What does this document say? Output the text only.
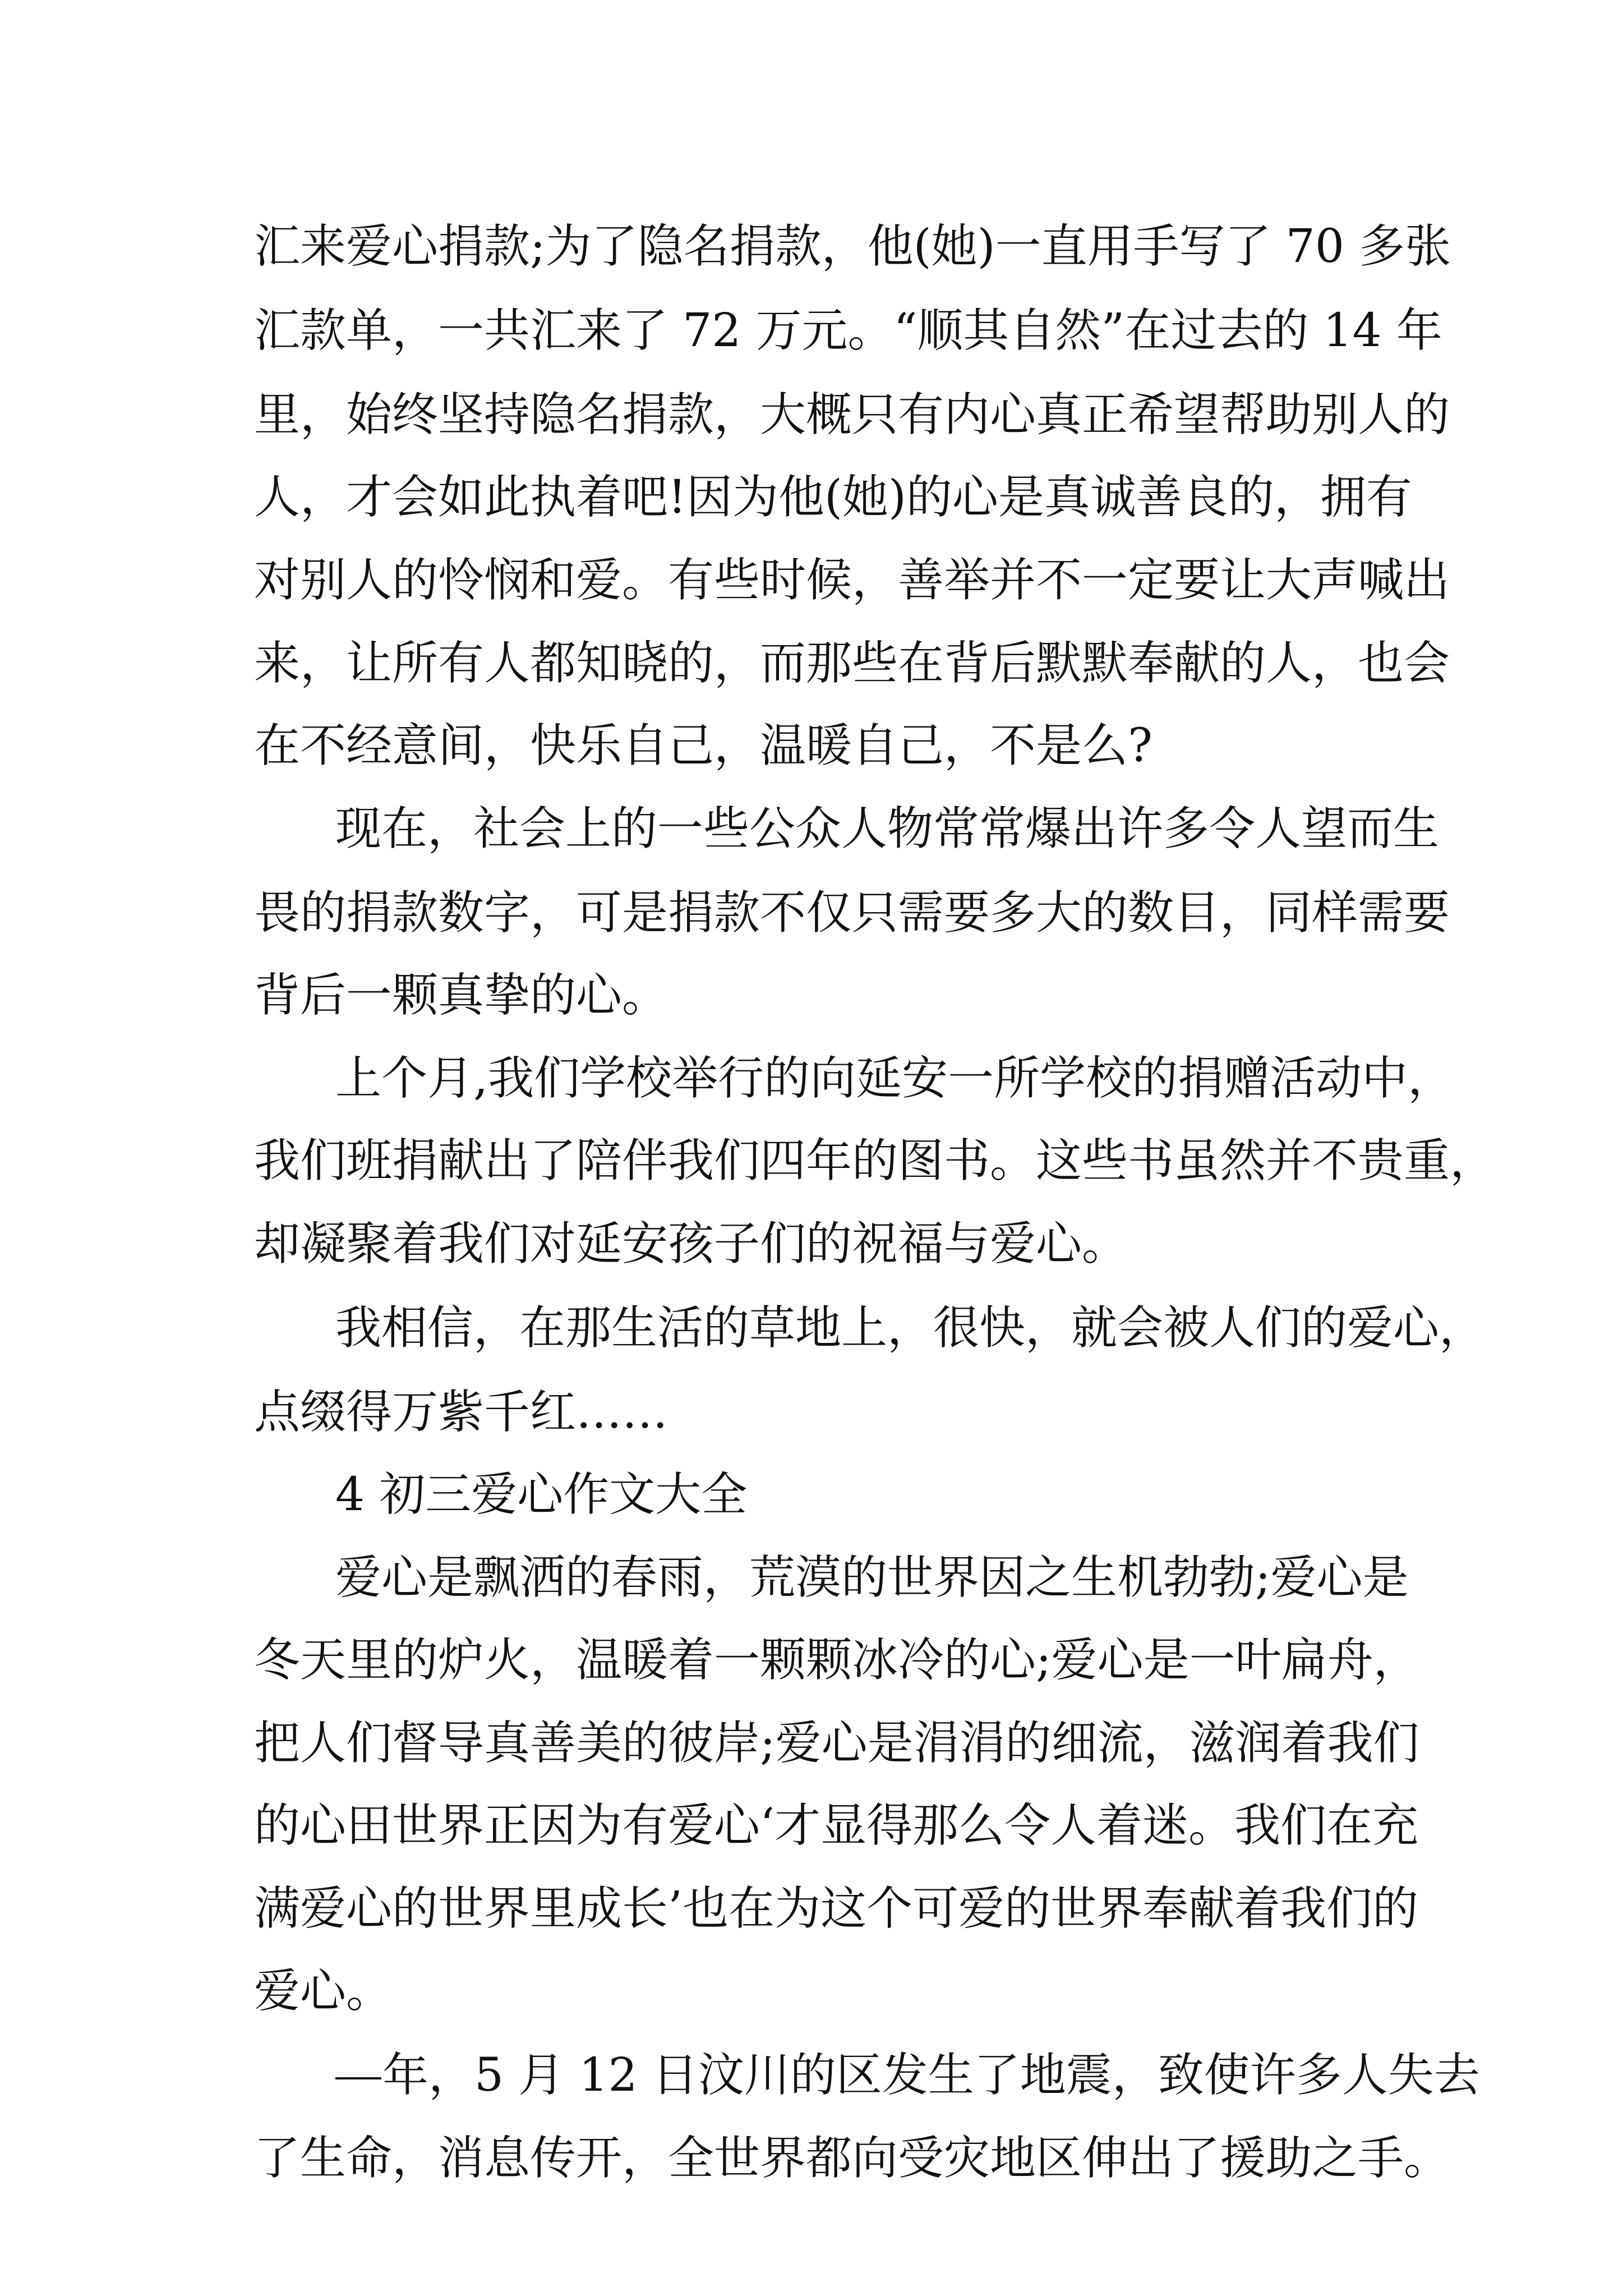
汇来爱心捐款;为了隐名捐款，他(她)一直用手写了 70 多张
汇款单，一共汇来了 72 万元。“顺其自然”在过去的 14 年
里，始终坚持隐名捐款，大概只有内心真正希望帮助别人的
人，才会如此执着吧!因为他(她)的心是真诚善良的，拥有
对别人的怜悯和爱。有些时候，善举并不一定要让大声喊出
来，让所有人都知晓的，而那些在背后默默奉献的人，也会
在不经意间，快乐自己，温暖自己，不是么?
现在，社会上的一些公众人物常常爆出许多令人望而生
畏的捐款数字，可是捐款不仅只需要多大的数目，同样需要
背后一颗真挚的心。
上个月,我们学校举行的向延安一所学校的捐赠活动中，
我们班捐献出了陪伴我们四年的图书。这些书虽然并不贵重，
却凝聚着我们对延安孩子们的祝福与爱心。
我相信，在那生活的草地上，很快，就会被人们的爱心，
点缀得万紫千红……
4 初三爱心作文大全
爱心是飘洒的春雨，荒漠的世界因之生机勃勃;爱心是
冬天里的炉火，温暖着一颗颗冰冷的心;爱心是一叶扁舟，
把人们督导真善美的彼岸;爱心是涓涓的细流，滋润着我们
的心田世界正因为有爱心‘才显得那么令人着迷。我们在充
满爱心的世界里成长’也在为这个可爱的世界奉献着我们的
爱心。
年，5 月 12 日汶川的区发生了地震，致使许多人失去
了生命，消息传开，全世界都向受灾地区伸出了援助之手。
